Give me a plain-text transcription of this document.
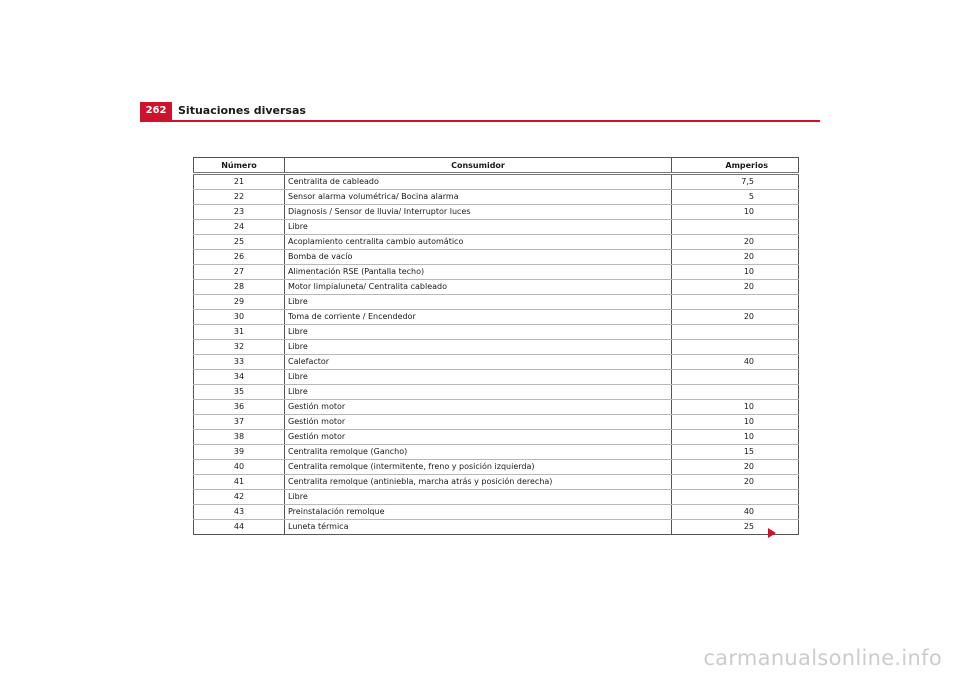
262	Situaciones diversas
Número	Consumidor	Amperios
21	Centralita de cableado	7,5
22	Sensor alarma volumétrica/ Bocina alarma	5
23	Diagnosis / Sensor de lluvia/ Interruptor luces	10
24	Libre	
25	Acoplamiento centralita cambio automático	20
26	Bomba de vacío	20
27	Alimentación RSE (Pantalla techo)	10
28	Motor limpialuneta/ Centralita cableado	20
29	Libre	
30	Toma de corriente / Encendedor	20
31	Libre	
32	Libre	
33	Calefactor	40
34	Libre	
35	Libre	
36	Gestión motor	10
37	Gestión motor	10
38	Gestión motor	10
39	Centralita remolque (Gancho)	15
40	Centralita remolque (intermitente, freno y posición izquierda)	20
41	Centralita remolque (antiniebla, marcha atrás y posición derecha)	20
42	Libre	
43	Preinstalación remolque	40
44	Luneta térmica	25
carmanualsonline.info
